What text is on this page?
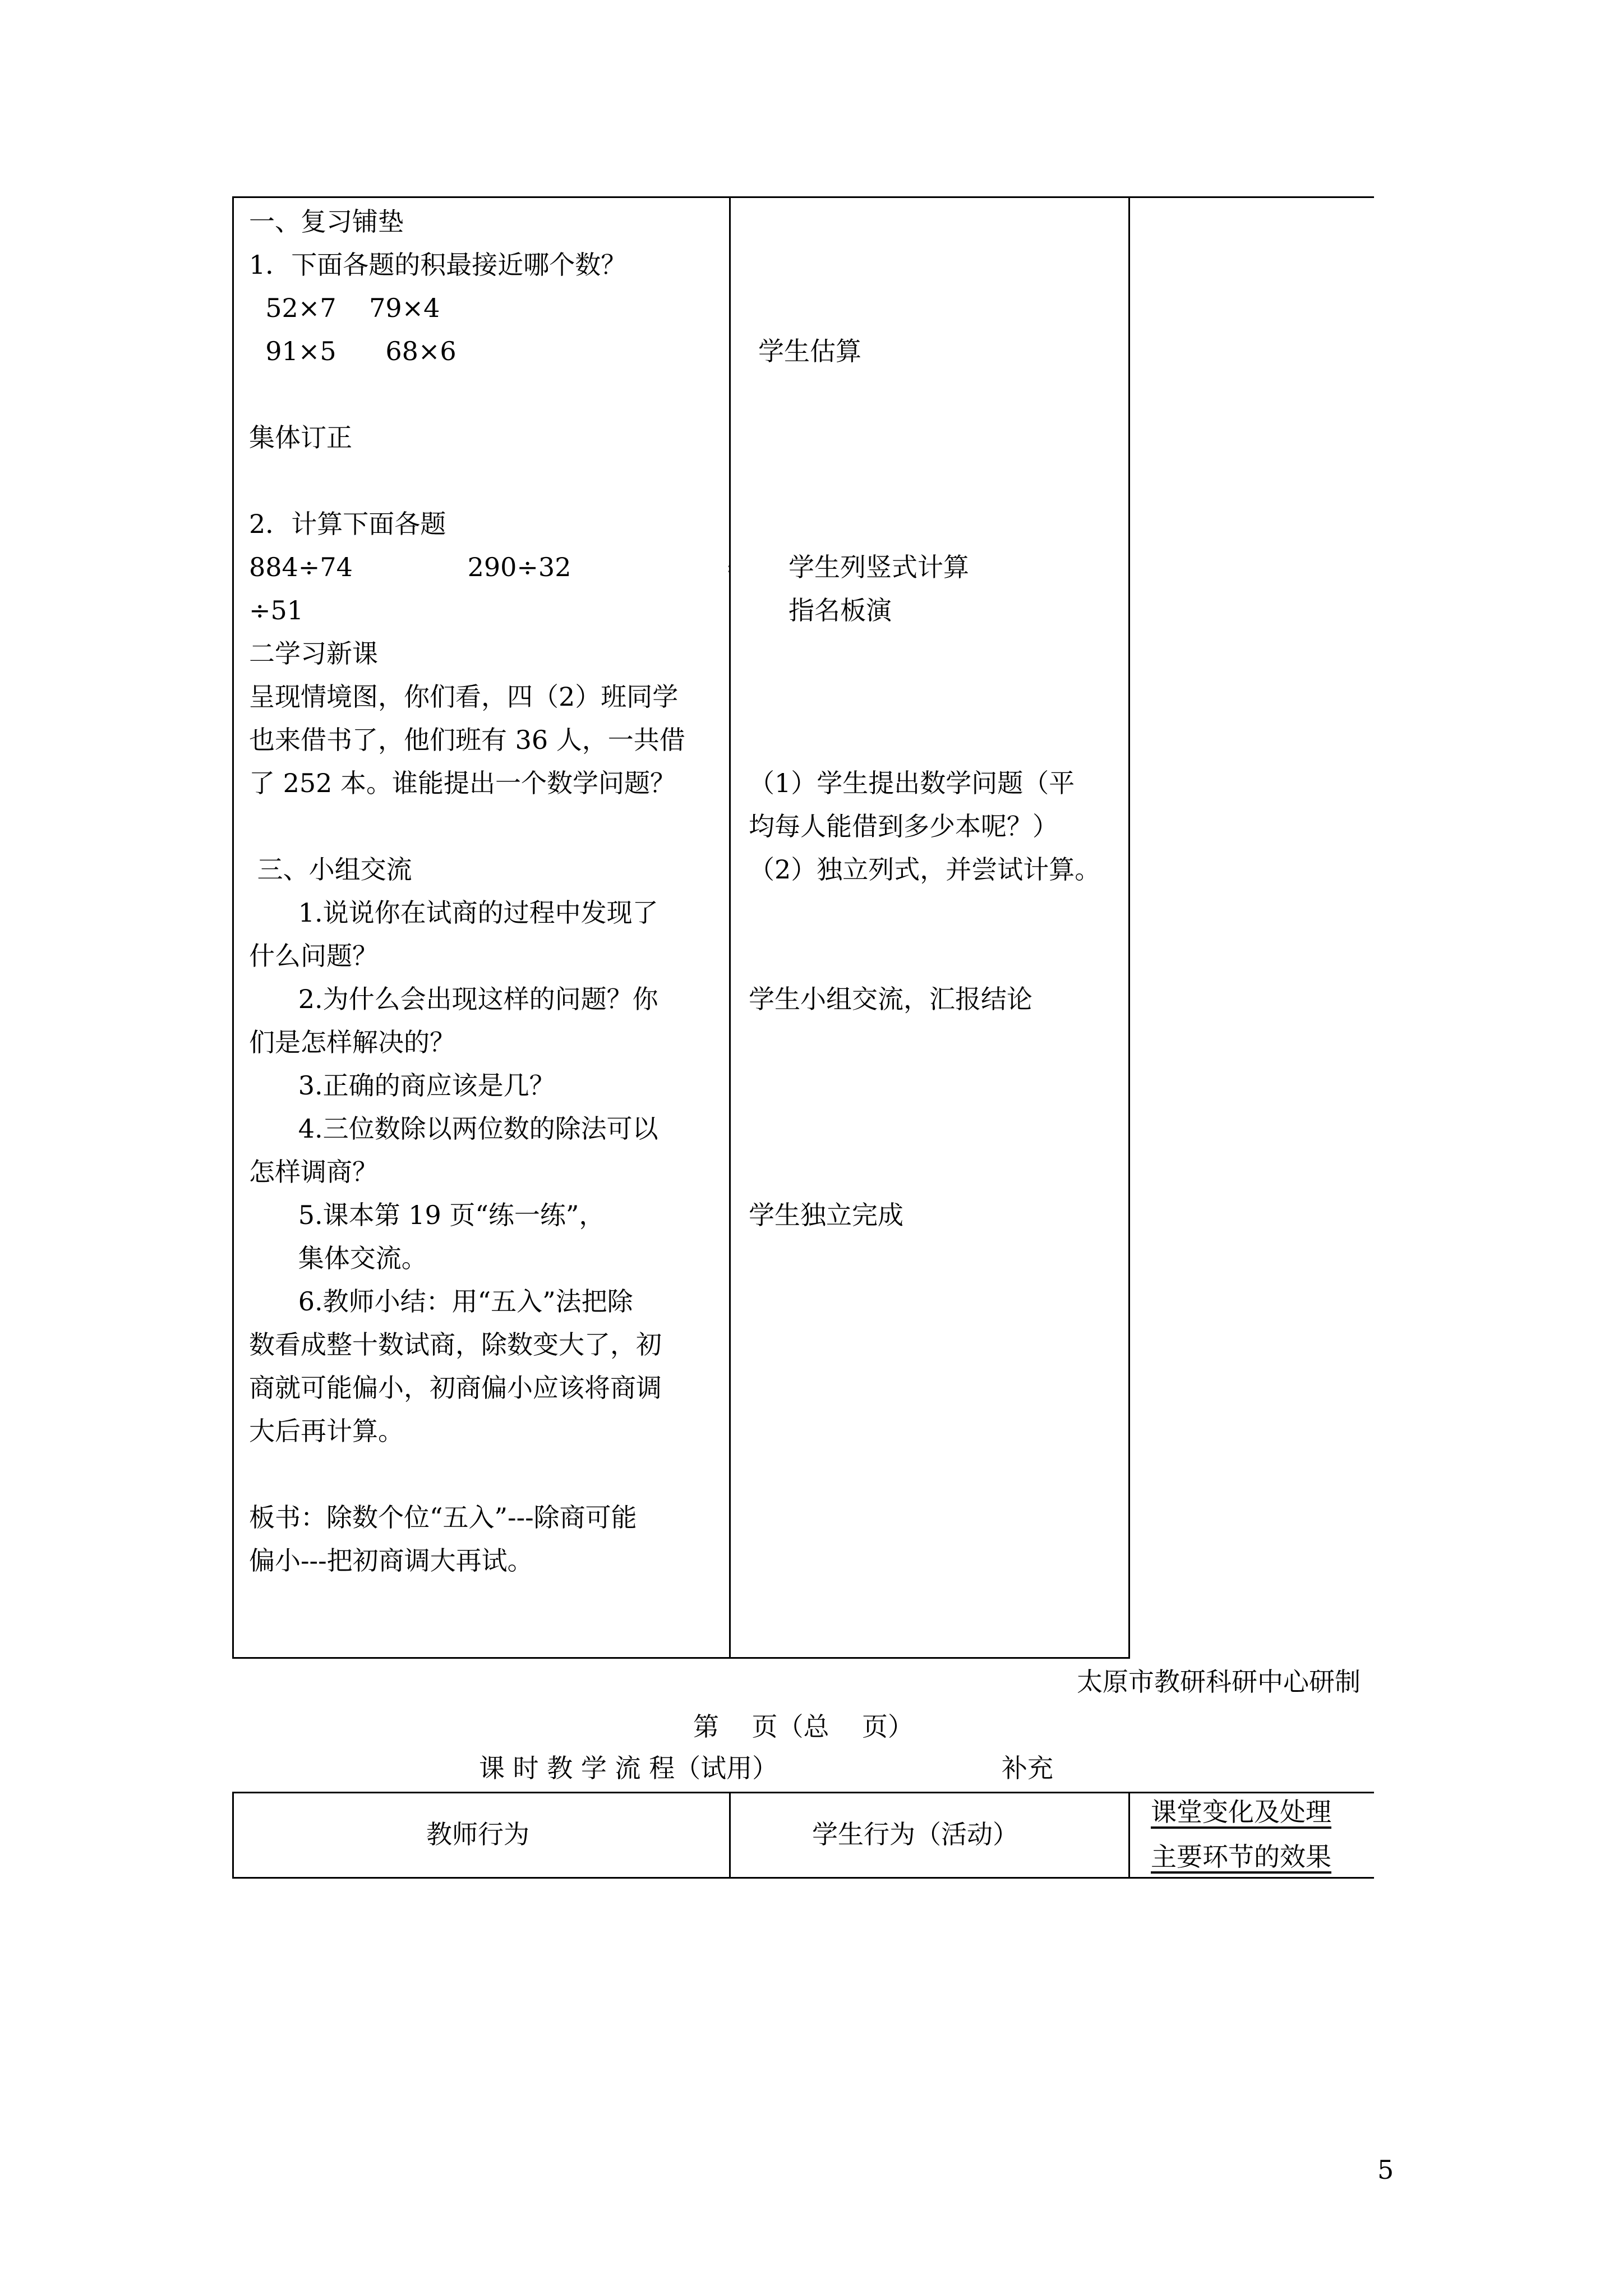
一、复习铺垫
1．下面各题的积最接近哪个数？
52×7    79×4
91×5      68×6
集体订正
2．计算下面各题
884÷74              290÷32
÷51
二学习新课
呈现情境图，你们看，四（2）班同学
也来借书了，他们班有 36 人，一共借
了 252 本。谁能提出一个数学问题？
三、小组交流
1.说说你在试商的过程中发现了
什么问题？
2.为什么会出现这样的问题？你
们是怎样解决的？
3.正确的商应该是几？
4.三位数除以两位数的除法可以
怎样调商？
5.课本第 19 页“练一练”，
集体交流。
6.教师小结：用“五入”法把除
数看成整十数试商，除数变大了，初
商就可能偏小，初商偏小应该将商调
大后再计算。
板书：除数个位“五入”---除商可能
偏小---把初商调大再试。
学生估算
: 学生列竖式计算
指名板演
（1）学生提出数学问题（平
均每人能借到多少本呢？）
（2）独立列式，并尝试计算。
学生小组交流，汇报结论
学生独立完成
太原市教研科研中心研制
第    页（总    页）
课 时 教 学 流 程（试用）	补充
教师行为	学生行为（活动）
课堂变化及处理
主要环节的效果
5
